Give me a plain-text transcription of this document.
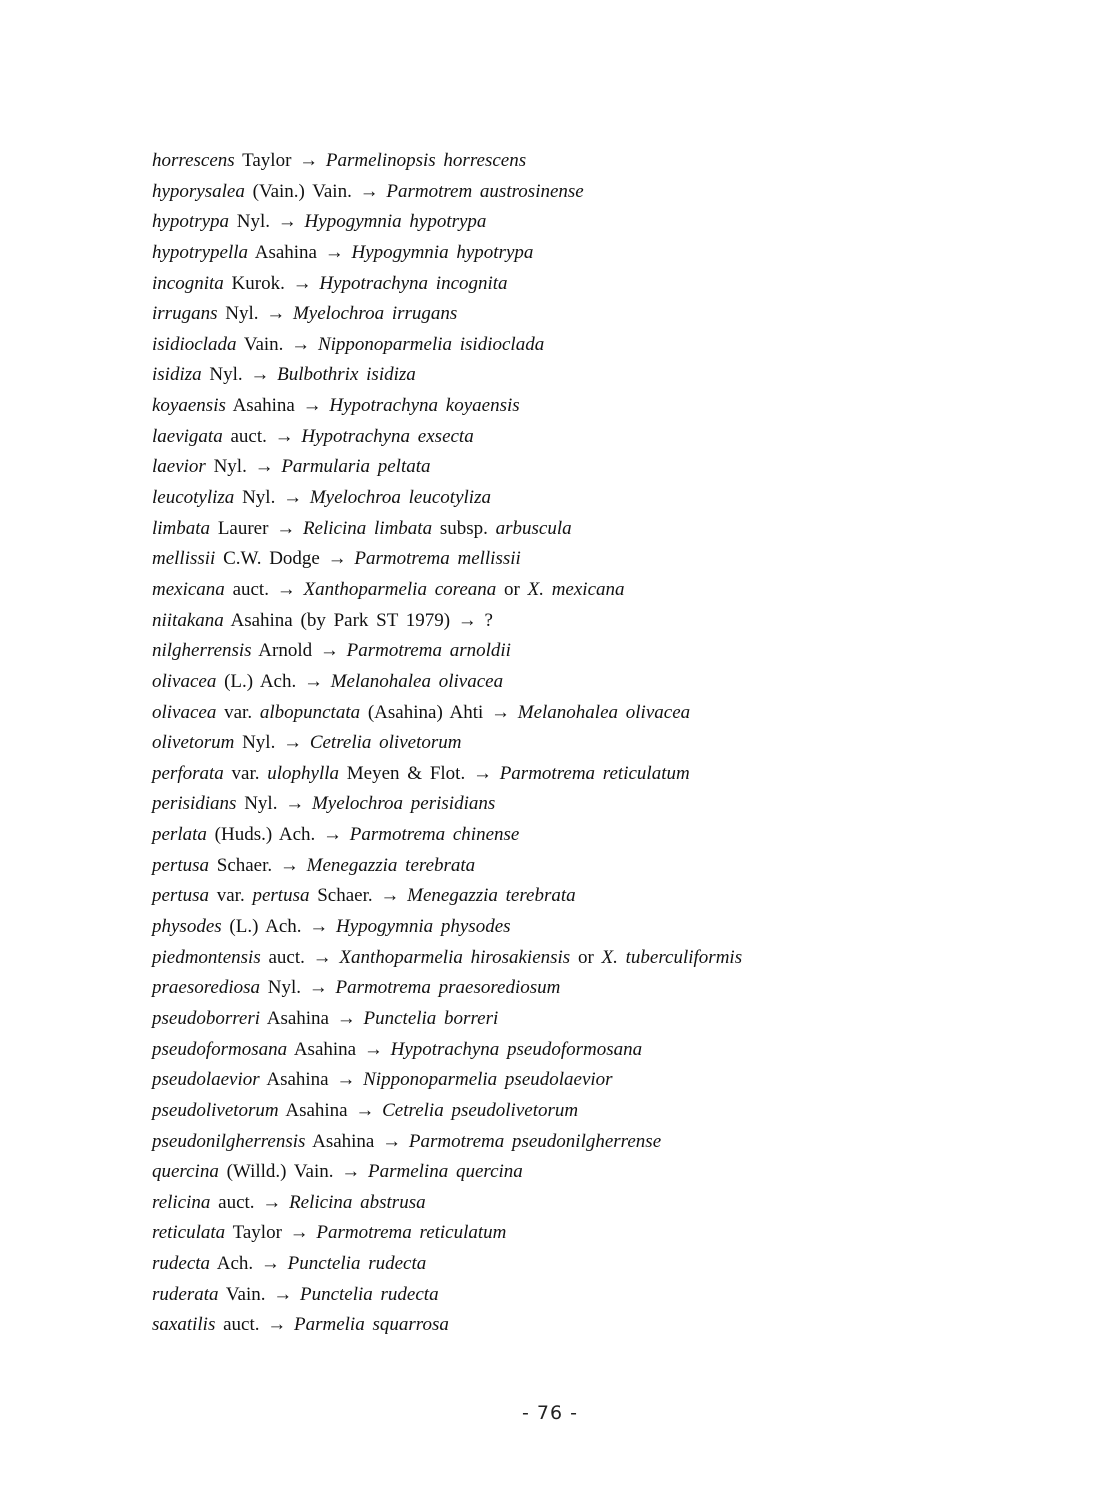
horrescens Taylor → Parmelinopsis horrescens
hyporysalea (Vain.) Vain. → Parmotrem austrosinense
hypotrypa Nyl. → Hypogymnia hypotrypa
hypotrypella Asahina → Hypogymnia hypotrypa
incognita Kurok. → Hypotrachyna incognita
irrugans Nyl. → Myelochroa irrugans
isidioclada Vain. → Nipponoparmelia isidioclada
isidiza Nyl. → Bulbothrix isidiza
koyaensis Asahina → Hypotrachyna koyaensis
laevigata auct. → Hypotrachyna exsecta
laevior Nyl. → Parmularia peltata
leucotyliza Nyl. → Myelochroa leucotyliza
limbata Laurer → Relicina limbata subsp. arbuscula
mellissii C.W. Dodge → Parmotrema mellissii
mexicana auct. → Xanthoparmelia coreana or X. mexicana
niitakana Asahina (by Park ST 1979) → ?
nilgherrensis Arnold → Parmotrema arnoldii
olivacea (L.) Ach. → Melanohalea olivacea
olivacea var. albopunctata (Asahina) Ahti → Melanohalea olivacea
olivetorum Nyl. → Cetrelia olivetorum
perforata var. ulophylla Meyen & Flot. → Parmotrema reticulatum
perisidians Nyl. → Myelochroa perisidians
perlata (Huds.) Ach. → Parmotrema chinense
pertusa Schaer. → Menegazzia terebrata
pertusa var. pertusa Schaer. → Menegazzia terebrata
physodes (L.) Ach. → Hypogymnia physodes
piedmontensis auct. → Xanthoparmelia hirosakiensis or X. tuberculiformis
praesorediosa Nyl. → Parmotrema praesorediosum
pseudoborreri Asahina → Punctelia borreri
pseudoformosana Asahina → Hypotrachyna pseudoformosana
pseudolaevior Asahina → Nipponoparmelia pseudolaevior
pseudolivetorum Asahina → Cetrelia pseudolivetorum
pseudonilgherrensis Asahina → Parmotrema pseudonilgherrense
quercina (Willd.) Vain. → Parmelina quercina
relicina auct. → Relicina abstrusa
reticulata Taylor → Parmotrema reticulatum
rudecta Ach. → Punctelia rudecta
ruderata Vain. → Punctelia rudecta
saxatilis auct. → Parmelia squarrosa
- 76 -
